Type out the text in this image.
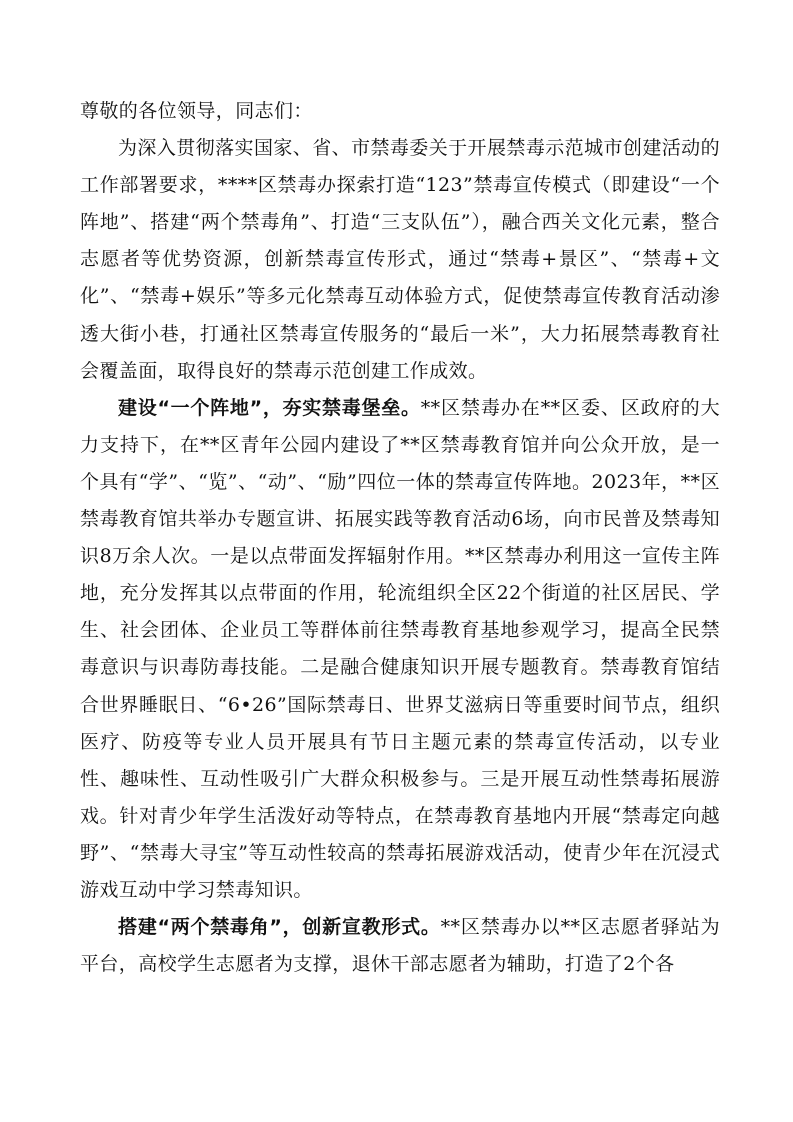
尊敬的各位领导，同志们：

为深入贯彻落实国家、省、市禁毒委关于开展禁毒示范城市创建活动的工作部署要求，****区禁毒办探索打造“123”禁毒宣传模式（即建设“一个阵地”、搭建“两个禁毒角”、打造“三支队伍”），融合西关文化元素，整合志愿者等优势资源，创新禁毒宣传形式，通过“禁毒+景区”、“禁毒+文化”、“禁毒+娱乐”等多元化禁毒互动体验方式，促使禁毒宣传教育活动渗透大街小巷，打通社区禁毒宣传服务的“最后一米”，大力拓展禁毒教育社会覆盖面，取得良好的禁毒示范创建工作成效。

建设“一个阵地”，夯实禁毒堡垒。**区禁毒办在**区委、区政府的大力支持下，在**区青年公园内建设了**区禁毒教育馆并向公众开放，是一个具有“学”、“览”、“动”、“励”四位一体的禁毒宣传阵地。2023年，**区禁毒教育馆共举办专题宣讲、拓展实践等教育活动6场，向市民普及禁毒知识8万余人次。一是以点带面发挥辐射作用。**区禁毒办利用这一宣传主阵地，充分发挥其以点带面的作用，轮流组织全区22个街道的社区居民、学生、社会团体、企业员工等群体前往禁毒教育基地参观学习，提高全民禁毒意识与识毒防毒技能。二是融合健康知识开展专题教育。禁毒教育馆结合世界睡眠日、“6•26”国际禁毒日、世界艾滋病日等重要时间节点，组织医疗、防疫等专业人员开展具有节日主题元素的禁毒宣传活动，以专业性、趣味性、互动性吸引广大群众积极参与。三是开展互动性禁毒拓展游戏。针对青少年学生活泼好动等特点，在禁毒教育基地内开展“禁毒定向越野”、“禁毒大寻宝”等互动性较高的禁毒拓展游戏活动，使青少年在沉浸式游戏互动中学习禁毒知识。

搭建“两个禁毒角”，创新宣教形式。**区禁毒办以**区志愿者驿站为平台，高校学生志愿者为支撑，退休干部志愿者为辅助，打造了2个各
